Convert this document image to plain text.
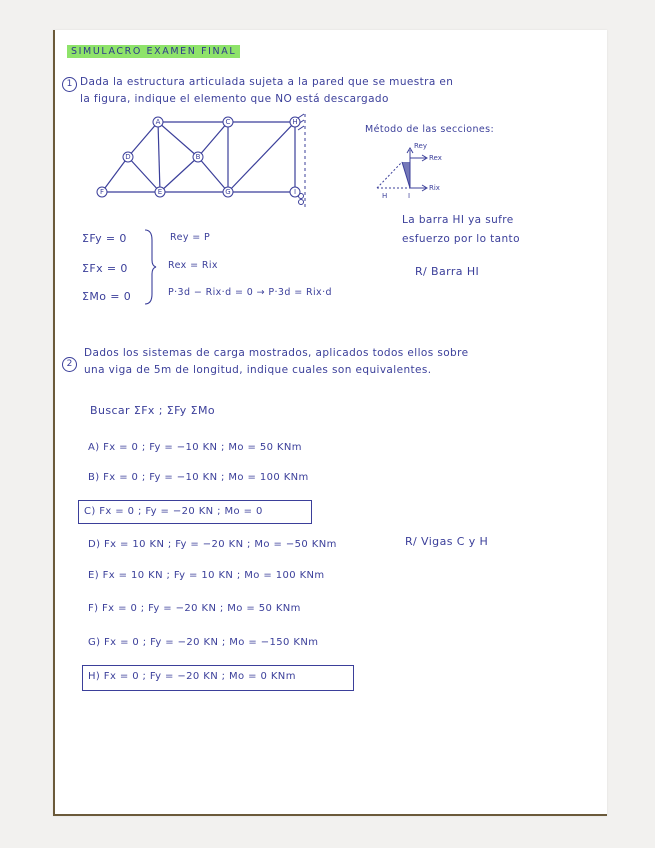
SIMULACRO EXAMEN FINAL
1 Dada la estructura articulada sujeta a la pared que se muestra en
la figura, indique el elemento que NO está descargado
F
D
A
E
B
C
G
H
I
Método de las secciones:
Rey
Rex
Rix
H	I
ΣFy = 0
ΣFx = 0
ΣMo = 0
Rey = P
Rex = Rix
P·3d − Rix·d = 0 → P·3d = Rix·d
La barra HI ya sufre
esfuerzo por lo tanto
R/ Barra HI
2
Dados los sistemas de carga mostrados, aplicados todos ellos sobre
una viga de 5m de longitud, indique cuales son equivalentes.
Buscar ΣFx ; ΣFy ΣMo
A) Fx = 0 ; Fy = −10 KN ; Mo = 50 KNm
B) Fx = 0 ; Fy = −10 KN ; Mo = 100 KNm
C) Fx = 0 ; Fy = −20 KN ; Mo = 0
D) Fx = 10 KN ; Fy = −20 KN ; Mo = −50 KNm
E) Fx = 10 KN ; Fy = 10 KN ; Mo = 100 KNm
F) Fx = 0 ; Fy = −20 KN ; Mo = 50 KNm
G) Fx = 0 ; Fy = −20 KN ; Mo = −150 KNm
H) Fx = 0 ; Fy = −20 KN ; Mo = 0 KNm
R/ Vigas C y H
